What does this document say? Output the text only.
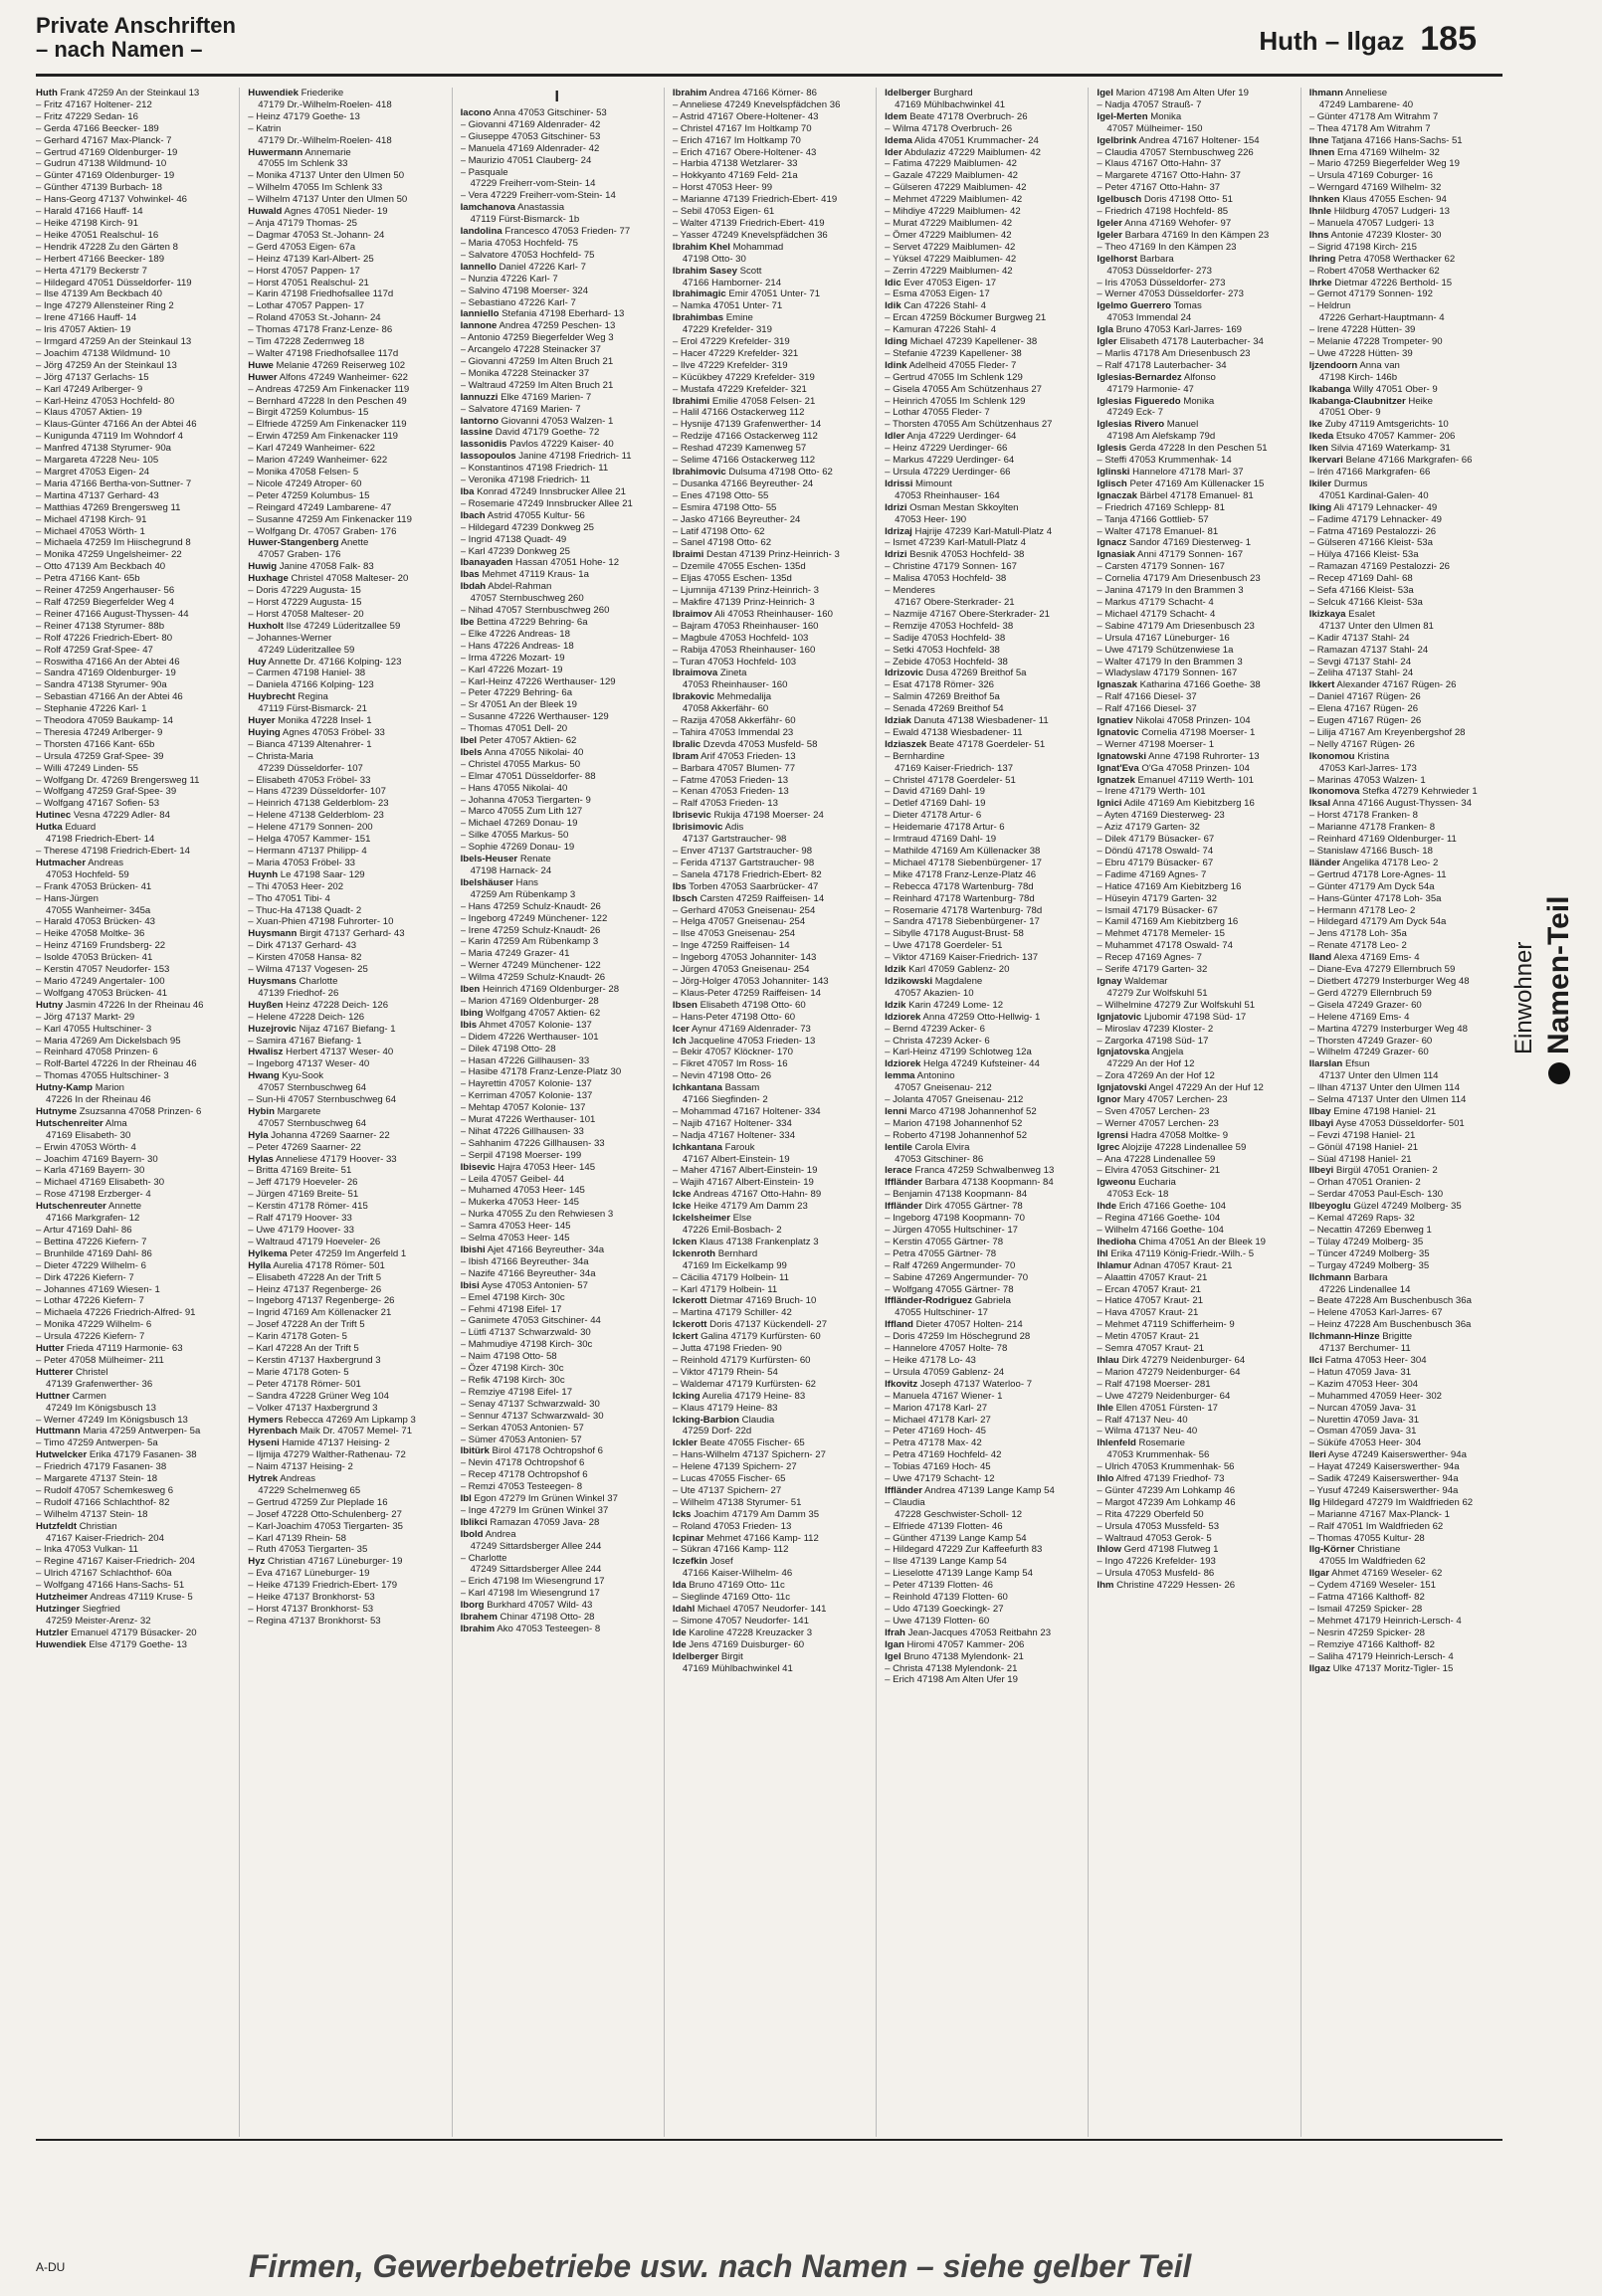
Private Anschriften
– nach Namen –	Huth – Ilgaz 185
Huth Frank 47259 An der Steinkaul 13
– Fritz 47167 Holtener- 212
– Fritz 47229 Sedan- 16
– Gerda 47166 Beecker- 189
– Gerhard 47167 Max-Planck- 7
– Gertrud 47169 Oldenburger- 19
– Gudrun 47138 Wildmund- 10
– Günter 47169 Oldenburger- 19
– Günther 47139 Burbach- 18
– Hans-Georg 47137 Vohwinkel- 46
– Harald 47166 Hauff- 14
– Heike 47198 Kirch- 91
– Heike 47051 Realschul- 16
– Hendrik 47228 Zu den Gärten 8
– Herbert 47166 Beecker- 189
– Herta 47179 Beckerstr 7
– Hildegard 47051 Düsseldorfer- 119
– Ilse 47139 Am Beckbach 40
– Inge 47279 Allensteiner Ring 2
– Irene 47166 Hauff- 14
– Iris 47057 Aktien- 19
– Irmgard 47259 An der Steinkaul 13
– Joachim 47138 Wildmund- 10
– Jörg 47259 An der Steinkaul 13
– Jörg 47137 Gerlachs- 15
– Karl 47249 Arlberger- 9
– Karl-Heinz 47053 Hochfeld- 80
– Klaus 47057 Aktien- 19
– Klaus-Günter 47166 An der Abtei 46
– Kunigunda 47119 Im Wohndorf 4
– Manfred 47138 Styrumer- 90a
– Margareta 47228 Neu- 105
– Margret 47053 Eigen- 24
– Maria 47166 Bertha-von-Suttner- 7
– Martina 47137 Gerhard- 43
– Matthias 47269 Brengersweg 11
– Michael 47198 Kirch- 91
– Michael 47053 Wörth- 1
– Michaela 47259 Im Hiischegrund 8
– Monika 47259 Ungelsheimer- 22
– Otto 47139 Am Beckbach 40
– Petra 47166 Kant- 65b
– Reiner 47259 Angerhauser- 56
– Ralf 47259 Biegerfelder Weg 4
– Reiner 47166 August-Thyssen- 44
– Reiner 47138 Styrumer- 88b
– Rolf 47226 Friedrich-Ebert- 80
– Rolf 47259 Graf-Spee- 47
– Roswitha 47166 An der Abtei 46
– Sandra 47169 Oldenburger- 19
– Sandra 47138 Styrumer- 90a
– Sebastian 47166 An der Abtei 46
– Stephanie 47226 Karl- 1
– Theodora 47059 Baukamp- 14
– Theresia 47249 Arlberger- 9
– Thorsten 47166 Kant- 65b
– Ursula 47259 Graf-Spee- 39
– Willi 47249 Linden- 55
– Wolfgang Dr. 47269 Brengersweg 11
– Wolfgang 47259 Graf-Spee- 39
– Wolfgang 47167 Sofien- 53
Hutinec Vesna 47229 Adler- 84
Hutka Eduard
47198 Friedrich-Ebert- 14
– Therese 47198 Friedrich-Ebert- 14
Hutmacher Andreas
47053 Hochfeld- 59
– Frank 47053 Brücken- 41
– Hans-Jürgen
47055 Wanheimer- 345a
– Harald 47053 Brücken- 43
– Heike 47058 Moltke- 36
– Heinz 47169 Frundsberg- 22
– Isolde 47053 Brücken- 41
– Kerstin 47057 Neudorfer- 153
– Mario 47249 Angertaler- 100
– Wolfgang 47053 Brücken- 41
Hutny Jasmin 47226 In der Rheinau 46
– Jörg 47137 Markt- 29
– Karl 47055 Hultschiner- 3
– Maria 47269 Am Dickelsbach 95
– Reinhard 47058 Prinzen- 6
– Rolf-Bartel 47226 In der Rheinau 46
– Thomas 47055 Hultschiner- 3
Hutny-Kamp Marion
47226 In der Rheinau 46
Hutnyme Zsuzsanna 47058 Prinzen- 6
Hutschenreiter Alma
47169 Elisabeth- 30
– Erwin 47053 Wörth- 4
– Joachim 47169 Bayern- 30
– Karla 47169 Bayern- 30
– Michael 47169 Elisabeth- 30
– Rose 47198 Erzberger- 4
Hutschenreuter Annette
47166 Markgrafen- 12
– Artur 47169 Dahl- 86
– Bettina 47226 Kiefern- 7
– Brunhilde 47169 Dahl- 86
– Dieter 47229 Wilhelm- 6
– Dirk 47226 Kiefern- 7
– Johannes 47169 Wiesen- 1
– Lothar 47226 Kiefern- 7
– Michaela 47226 Friedrich-Alfred- 91
– Monika 47229 Wilhelm- 6
– Ursula 47226 Kiefern- 7
Hutter Frieda 47119 Harmonie- 63
– Peter 47058 Mülheimer- 211
Hutterer Christel
47139 Grafenwerther- 36
Huttner Carmen
47249 Im Königsbusch 13
– Werner 47249 Im Königsbusch 13
Huttmann Maria 47259 Antwerpen- 5a
– Timo 47259 Antwerpen- 5a
Hutwelcker Erika 47179 Fasanen- 38
– Friedrich 47179 Fasanen- 38
– Margarete 47137 Stein- 18
– Rudolf 47057 Schemkesweg 6
– Rudolf 47166 Schlachthof- 82
– Wilhelm 47137 Stein- 18
Hutzfeldt Christian
47167 Kaiser-Friedrich- 204
– Inka 47053 Vulkan- 11
– Regine 47167 Kaiser-Friedrich- 204
– Ulrich 47167 Schlachthof- 60a
– Wolfgang 47166 Hans-Sachs- 51
Hutzheimer Andreas 47119 Kruse- 5
Hutzinger Siegfried
47259 Meister-Arenz- 32
Hutzler Emanuel 47179 Büsacker- 20
Huwendiek Else 47179 Goethe- 13
Huwendiek Friederike
47179 Dr.-Wilhelm-Roelen- 418
– Heinz 47179 Goethe- 13
– Katrin
47179 Dr.-Wilhelm-Roelen- 418
Huwermann Annemarie
47055 Im Schlenk 33
– Monika 47137 Unter den Ulmen 50
– Wilhelm 47055 Im Schlenk 33
– Wilhelm 47137 Unter den Ulmen 50
Huwald Agnes 47051 Nieder- 19
– Anja 47179 Thomas- 25
– Dagmar 47053 St.-Johann- 24
– Gerd 47053 Eigen- 67a
– Heinz 47139 Karl-Albert- 25
– Horst 47057 Pappen- 17
– Horst 47051 Realschul- 21
– Karin 47198 Friedhofsallee 117d
– Lothar 47057 Pappen- 17
– Roland 47053 St.-Johann- 24
– Thomas 47178 Franz-Lenze- 86
– Tim 47228 Zedernweg 18
– Walter 47198 Friedhofsallee 117d
Huwe Melanie 47269 Reiserweg 102
Huwer Alfons 47249 Wanheimer- 622
– Andreas 47259 Am Finkenacker 119
– Bernhard 47228 In den Peschen 49
– Birgit 47259 Kolumbus- 15
– Elfriede 47259 Am Finkenacker 119
– Erwin 47259 Am Finkenacker 119
– Karl 47249 Wanheimer- 622
– Marion 47249 Wanheimer- 622
– Monika 47058 Felsen- 5
– Nicole 47249 Atroper- 60
– Peter 47259 Kolumbus- 15
– Reingard 47249 Lambarene- 47
– Susanne 47259 Am Finkenacker 119
– Wolfgang Dr. 47057 Graben- 176
Huwer-Stangenberg Anette
47057 Graben- 176
Huwig Janine 47058 Falk- 83
Huxhage Christel 47058 Malteser- 20
– Doris 47229 Augusta- 15
– Horst 47229 Augusta- 15
– Horst 47058 Malteser- 20
Huxholt Ilse 47249 Lüderitzallee 59
– Johannes-Werner
47249 Lüderitzallee 59
Huy Annette Dr. 47166 Kolping- 123
– Carmen 47198 Haniel- 38
– Daniela 47166 Kolping- 123
Huybrecht Regina
47119 Fürst-Bismarck- 21
Huyer Monika 47228 Insel- 1
Huying Agnes 47053 Fröbel- 33
– Bianca 47139 Altenahrer- 1
– Christa-Maria
47239 Düsseldorfer- 107
– Elisabeth 47053 Fröbel- 33
– Hans 47239 Düsseldorfer- 107
– Heinrich 47138 Gelderblom- 23
– Helene 47138 Gelderblom- 23
– Helene 47179 Sonnen- 200
– Helga 47057 Kammer- 151
– Hermann 47137 Philipp- 4
– Maria 47053 Fröbel- 33
Huynh Le 47198 Saar- 129
– Thi 47053 Heer- 202
– Tho 47051 Tibi- 4
– Thuc-Ha 47138 Quadt- 2
– Xuan-Phien 47198 Fuhrorter- 10
Huysmann Birgit 47137 Gerhard- 43
– Dirk 47137 Gerhard- 43
– Kirsten 47058 Hansa- 82
– Wilma 47137 Vogesen- 25
Huysmans Charlotte
47139 Friedhof- 26
Huyßen Heinz 47228 Deich- 126
– Helene 47228 Deich- 126
Huzejrovic Nijaz 47167 Biefang- 1
– Samira 47167 Biefang- 1
Hwalisz Herbert 47137 Weser- 40
– Ingeborg 47137 Weser- 40
Hwang Kyu-Sook
47057 Sternbuschweg 64
– Sun-Hi 47057 Sternbuschweg 64
Hybin Margarete
47057 Sternbuschweg 64
Hyla Johanna 47269 Saarner- 22
– Peter 47269 Saarner- 22
Hylas Anneliese 47179 Hoover- 33
– Britta 47169 Breite- 51
– Jeff 47179 Hoeveler- 26
– Jürgen 47169 Breite- 51
– Kerstin 47178 Römer- 415
– Ralf 47179 Hoover- 33
– Uwe 47179 Hoover- 33
– Waltraud 47179 Hoeveler- 26
Hylkema Peter 47259 Im Angerfeld 1
Hylla Aurelia 47178 Römer- 501
– Elisabeth 47228 An der Trift 5
– Heinz 47137 Regenberge- 26
– Ingeborg 47137 Regenberge- 26
– Ingrid 47169 Am Köllenacker 21
– Josef 47228 An der Trift 5
– Karin 47178 Goten- 5
– Karl 47228 An der Trift 5
– Kerstin 47137 Haxbergrund 3
– Marie 47178 Goten- 5
– Peter 47178 Römer- 501
– Sandra 47228 Grüner Weg 104
– Volker 47137 Haxbergrund 3
Hymers Rebecca 47269 Am Lipkamp 3
Hyrenbach Maik Dr. 47057 Memel- 71
Hyseni Hamide 47137 Heising- 2
– Iljmija 47279 Walther-Rathenau- 72
– Naim 47137 Heising- 2
Hytrek Andreas
47229 Schelmenweg 65
– Gertrud 47259 Zur Pleplade 16
– Josef 47228 Otto-Schulenberg- 27
– Karl-Joachim 47053 Tiergarten- 35
– Karl 47139 Rhein- 58
– Ruth 47053 Tiergarten- 35
Hyz Christian 47167 Lüneburger- 19
– Eva 47167 Lüneburger- 19
– Heike 47139 Friedrich-Ebert- 179
– Heike 47137 Bronkhorst- 53
– Horst 47137 Bronkhorst- 53
– Regina 47137 Bronkhorst- 53
I
Iacono Anna 47053 Gitschiner- 53
– Giovanni 47169 Aldenrader- 42
– Giuseppe 47053 Gitschiner- 53
– Manuela 47169 Aldenrader- 42
– Maurizio 47051 Clauberg- 24
– Pasquale
47229 Freiherr-vom-Stein- 14
– Vera 47229 Freiherr-vom-Stein- 14
Iamchanova Anastassia
47119 Fürst-Bismarck- 1b
Iandolina Francesco 47053 Frieden- 77
– Maria 47053 Hochfeld- 75
– Salvatore 47053 Hochfeld- 75
Iannello Daniel 47226 Karl- 7
– Nunzia 47226 Karl- 7
– Salvino 47198 Moerser- 324
– Sebastiano 47226 Karl- 7
Ianniello Stefania 47198 Eberhard- 13
Iannone Andrea 47259 Peschen- 13
– Antonio 47259 Biegerfelder Weg 3
– Arcangelo 47228 Steinacker 37
– Giovanni 47259 Im Alten Bruch 21
– Monika 47228 Steinacker 37
– Waltraud 47259 Im Alten Bruch 21
Iannuzzi Elke 47169 Marien- 7
– Salvatore 47169 Marien- 7
Iantorno Giovanni 47053 Walzen- 1
Iassine David 47179 Goethe- 72
Iassonidis Pavlos 47229 Kaiser- 40
Iassopoulos Janine 47198 Friedrich- 11
– Konstantinos 47198 Friedrich- 11
– Veronika 47198 Friedrich- 11
Iba Konrad 47249 Innsbrucker Allee 21
– Rosemarie 47249 Innsbrucker Allee 21
Ibach Astrid 47055 Kultur- 56
– Hildegard 47239 Donkweg 25
– Ingrid 47138 Quadt- 49
– Karl 47239 Donkweg 25
Ibanayaden Hassan 47051 Hohe- 12
Ibas Mehmet 47119 Kraus- 1a
Ibdah Abdel-Rahman
47057 Sternbuschweg 260
– Nihad 47057 Sternbuschweg 260
Ibe Bettina 47229 Behring- 6a
– Elke 47226 Andreas- 18
– Hans 47226 Andreas- 18
– Irma 47226 Mozart- 19
– Karl 47226 Mozart- 19
– Karl-Heinz 47226 Werthauser- 129
– Peter 47229 Behring- 6a
– Sr 47051 An der Bleek 19
– Susanne 47226 Werthauser- 129
– Thomas 47051 Dell- 20
Ibel Peter 47057 Aktien- 62
Ibels Anna 47055 Nikolai- 40
– Christel 47055 Markus- 50
– Elmar 47051 Düsseldorfer- 88
– Hans 47055 Nikolai- 40
– Johanna 47053 Tiergarten- 9
– Marco 47055 Zum Lith 127
– Michael 47269 Donau- 19
– Silke 47055 Markus- 50
– Sophie 47269 Donau- 19
Ibels-Heuser Renate
47198 Harnack- 24
Ibelshäuser Hans
47259 Am Rübenkamp 3
– Hans 47259 Schulz-Knaudt- 26
– Ingeborg 47249 Münchener- 122
– Irene 47259 Schulz-Knaudt- 26
– Karin 47259 Am Rübenkamp 3
– Maria 47249 Grazer- 41
– Werner 47249 Münchener- 122
– Wilma 47259 Schulz-Knaudt- 26
Iben Heinrich 47169 Oldenburger- 28
– Marion 47169 Oldenburger- 28
Ibing Wolfgang 47057 Aktien- 62
Ibis Ahmet 47057 Kolonie- 137
– Didem 47226 Werthauser- 101
– Dilek 47198 Otto- 28
– Hasan 47226 Gillhausen- 33
– Hasibe 47178 Franz-Lenze-Platz 30
– Hayrettin 47057 Kolonie- 137
– Kerriman 47057 Kolonie- 137
– Mehtap 47057 Kolonie- 137
– Murat 47226 Werthauser- 101
– Nihat 47226 Gillhausen- 33
– Sahhanim 47226 Gillhausen- 33
– Serpil 47198 Moerser- 199
Ibisevic Hajra 47053 Heer- 145
– Leila 47057 Geibel- 44
– Muhamed 47053 Heer- 145
– Mukerka 47053 Heer- 145
– Nurka 47055 Zu den Rehwiesen 3
– Samra 47053 Heer- 145
– Selma 47053 Heer- 145
Ibishi Ajet 47166 Beyreuther- 34a
– Ibish 47166 Beyreuther- 34a
– Nazife 47166 Beyreuther- 34a
Ibisi Ayse 47053 Antonien- 57
– Emel 47198 Kirch- 30c
– Fehmi 47198 Eifel- 17
– Ganimete 47053 Gitschiner- 44
– Lütfi 47137 Schwarzwald- 30
– Mahmudiye 47198 Kirch- 30c
– Naim 47198 Otto- 58
– Özer 47198 Kirch- 30c
– Refik 47198 Kirch- 30c
– Remziye 47198 Eifel- 17
– Senay 47137 Schwarzwald- 30
– Sennur 47137 Schwarzwald- 30
– Serkan 47053 Antonien- 57
– Sümer 47053 Antonien- 57
Ibitürk Birol 47178 Ochtropshof 6
– Nevin 47178 Ochtropshof 6
– Recep 47178 Ochtropshof 6
– Remzi 47053 Testeegen- 8
Ibl Egon 47279 Im Grünen Winkel 37
– Inge 47279 Im Grünen Winkel 37
Iblikci Ramazan 47059 Java- 28
Ibold Andrea
47249 Sittardsberger Allee 244
– Charlotte
47249 Sittardsberger Allee 244
– Erich 47198 Im Wiesengrund 17
– Karl 47198 Im Wiesengrund 17
Iborg Burkhard 47057 Wild- 43
Ibrahem Chinar 47198 Otto- 28
Ibrahim Ako 47053 Testeegen- 8
Ibrahim Andrea 47166 Körner- 86
– Anneliese 47249 Knevelspfädchen 36
– Astrid 47167 Obere-Holtener- 43
– Christel 47167 Im Holtkamp 70
– Erich 47167 Im Holtkamp 70
– Erich 47167 Obere-Holtener- 43
– Harbia 47138 Wetzlarer- 33
– Hokkyanto 47169 Feld- 21a
– Horst 47053 Heer- 99
– Marianne 47139 Friedrich-Ebert- 419
– Sebil 47053 Eigen- 61
– Walter 47139 Friedrich-Ebert- 419
– Yasser 47249 Knevelspfädchen 36
Ibrahim Khel Mohammad
47198 Otto- 30
Ibrahim Sasey Scott
47166 Hamborner- 214
Ibrahimagic Emir 47051 Unter- 71
– Namka 47051 Unter- 71
Ibrahimbas Emine
47229 Krefelder- 319
– Erol 47229 Krefelder- 319
– Hacer 47229 Krefelder- 321
– Ilve 47229 Krefelder- 319
– Kücükbey 47229 Krefelder- 319
– Mustafa 47229 Krefelder- 321
Ibrahimi Emilie 47058 Felsen- 21
– Halil 47166 Ostackerweg 112
– Hysnije 47139 Grafenwerther- 14
– Redzije 47166 Ostackerweg 112
– Reshad 47239 Kamenweg 57
– Selime 47166 Ostackerweg 112
Ibrahimovic Dulsuma 47198 Otto- 62
– Dusanka 47166 Beyreuther- 24
– Enes 47198 Otto- 55
– Esmira 47198 Otto- 55
– Jasko 47166 Beyreuther- 24
– Latif 47198 Otto- 62
– Sanel 47198 Otto- 62
Ibraimi Destan 47139 Prinz-Heinrich- 3
– Dzemile 47055 Eschen- 135d
– Eljas 47055 Eschen- 135d
– Ljumnija 47139 Prinz-Heinrich- 3
– Makfire 47139 Prinz-Heinrich- 3
Ibraimov Ali 47053 Rheinhauser- 160
– Bajram 47053 Rheinhauser- 160
– Magbule 47053 Hochfeld- 103
– Rabija 47053 Rheinhauser- 160
– Turan 47053 Hochfeld- 103
Ibraimova Zineta
47053 Rheinhauser- 160
Ibrakovic Mehmedalija
47058 Akkerfähr- 60
– Razija 47058 Akkerfähr- 60
– Tahira 47053 Immendal 23
Ibralic Dzevda 47053 Musfeld- 58
Ibram Arif 47053 Frieden- 13
– Barbara 47057 Blumen- 77
– Fatme 47053 Frieden- 13
– Kenan 47053 Frieden- 13
– Ralf 47053 Frieden- 13
Ibrisevic Rukija 47198 Moerser- 24
Ibrisimovic Adis
47137 Gartstraucher- 98
– Enver 47137 Gartstraucher- 98
– Ferida 47137 Gartstraucher- 98
– Sanela 47178 Friedrich-Ebert- 82
Ibs Torben 47053 Saarbrücker- 47
Ibsch Carsten 47259 Raiffeisen- 14
– Gerhard 47053 Gneisenau- 254
– Helga 47057 Gneisenau- 254
– Ilse 47053 Gneisenau- 254
– Inge 47259 Raiffeisen- 14
– Ingeborg 47053 Johanniter- 143
– Jürgen 47053 Gneisenau- 254
– Jörg-Holger 47053 Johanniter- 143
– Klaus-Peter 47259 Raiffeisen- 14
Ibsen Elisabeth 47198 Otto- 60
– Hans-Peter 47198 Otto- 60
Icer Aynur 47169 Aldenrader- 73
Ich Jacqueline 47053 Frieden- 13
– Bekir 47057 Klöckner- 170
– Fikret 47057 Im Ross- 16
– Nevin 47198 Otto- 26
Ichkantana Bassam
47166 Siegfinden- 2
– Mohammad 47167 Holtener- 334
– Najib 47167 Holtener- 334
– Nadja 47167 Holtener- 334
Ichkantana Farouk
47167 Albert-Einstein- 19
– Maher 47167 Albert-Einstein- 19
– Wajih 47167 Albert-Einstein- 19
Icke Andreas 47167 Otto-Hahn- 89
Icke Heike 47179 Am Damm 23
Ickelsheimer Else
47226 Emil-Bosbach- 2
Icken Klaus 47138 Frankenplatz 3
Ickenroth Bernhard
47169 Im Eickelkamp 99
– Cäcilia 47179 Holbein- 11
– Karl 47179 Holbein- 11
Ickerott Dietmar 47169 Bruch- 10
– Martina 47179 Schiller- 42
Ickerott Doris 47137 Kückendell- 27
Ickert Galina 47179 Kurfürsten- 60
– Jutta 47198 Frieden- 90
– Reinhold 47179 Kurfürsten- 60
– Viktor 47179 Rhein- 54
– Waldemar 47179 Kurfürsten- 62
Icking Aurelia 47179 Heine- 83
– Klaus 47179 Heine- 83
Icking-Barbion Claudia
47259 Dorf- 22d
Ickler Beate 47055 Fischer- 65
– Hans-Wilhelm 47137 Spichern- 27
– Helene 47139 Spichern- 27
– Lucas 47055 Fischer- 65
– Ute 47137 Spichern- 27
– Wilhelm 47138 Styrumer- 51
Icks Joachim 47179 Am Damm 35
– Roland 47053 Frieden- 13
Icpinar Mehmet 47166 Kamp- 112
– Sükran 47166 Kamp- 112
Iczefkin Josef
47166 Kaiser-Wilhelm- 46
Ida Bruno 47169 Otto- 11c
– Sieglinde 47169 Otto- 11c
Idahl Michael 47057 Neudorfer- 141
– Simone 47057 Neudorfer- 141
Ide Karoline 47228 Kreuzacker 3
Ide Jens 47169 Duisburger- 60
Idelberger Birgit
47169 Mühlbachwinkel 41
Idelberger Burghard
47169 Mühlbachwinkel 41
Idem Beate 47178 Overbruch- 26
– Wilma 47178 Overbruch- 26
Idema Alida 47051 Krummacher- 24
Ider Abdulaziz 47229 Maiblumen- 42
– Fatima 47229 Maiblumen- 42
– Gazale 47229 Maiblumen- 42
– Gülseren 47229 Maiblumen- 42
– Mehmet 47229 Maiblumen- 42
– Mihdiye 47229 Maiblumen- 42
– Murat 47229 Maiblumen- 42
– Ömer 47229 Maiblumen- 42
– Servet 47229 Maiblumen- 42
– Yüksel 47229 Maiblumen- 42
– Zerrin 47229 Maiblumen- 42
Idic Ever 47053 Eigen- 17
– Esma 47053 Eigen- 17
Idik Can 47226 Stahl- 4
– Ercan 47259 Böckumer Burgweg 21
– Kamuran 47226 Stahl- 4
Iding Michael 47239 Kapellener- 38
– Stefanie 47239 Kapellener- 38
Idink Adelheid 47055 Fleder- 7
– Gertrud 47055 Im Schlenk 129
– Gisela 47055 Am Schützenhaus 27
– Heinrich 47055 Im Schlenk 129
– Lothar 47055 Fleder- 7
– Thorsten 47055 Am Schützenhaus 27
Idler Anja 47229 Uerdinger- 64
– Heinz 47229 Uerdinger- 66
– Markus 47229 Uerdinger- 64
– Ursula 47229 Uerdinger- 66
Idrissi Mimount
47053 Rheinhauser- 164
Idrizi Osman Mestan Skkoylten
47053 Heer- 190
Idrizaj Hajrije 47239 Karl-Matull-Platz 4
– Ismet 47239 Karl-Matull-Platz 4
Idrizi Besnik 47053 Hochfeld- 38
– Christine 47179 Sonnen- 167
– Malisa 47053 Hochfeld- 38
– Menderes
47167 Obere-Sterkrader- 21
– Nazmije 47167 Obere-Sterkrader- 21
– Remzije 47053 Hochfeld- 38
– Sadije 47053 Hochfeld- 38
– Setki 47053 Hochfeld- 38
– Zebide 47053 Hochfeld- 38
Idrizovic Dusa 47269 Breithof 5a
– Esat 47178 Römer- 326
– Salmin 47269 Breithof 5a
– Senada 47269 Breithof 54
Idziak Danuta 47138 Wiesbadener- 11
– Ewald 47138 Wiesbadener- 11
Idziaszek Beate 47178 Goerdeler- 51
– Bernhardine
47169 Kaiser-Friedrich- 137
– Christel 47178 Goerdeler- 51
– David 47169 Dahl- 19
– Detlef 47169 Dahl- 19
– Dieter 47178 Artur- 6
– Heidemarie 47178 Artur- 6
– Irmtraud 47169 Dahl- 19
– Mathilde 47169 Am Küllenacker 38
– Michael 47178 Siebenbürgener- 17
– Mike 47178 Franz-Lenze-Platz 46
– Rebecca 47178 Wartenburg- 78d
– Reinhard 47178 Wartenburg- 78d
– Rosemarie 47178 Wartenburg- 78d
– Sandra 47178 Siebenbürgener- 17
– Sibylle 47178 August-Brust- 58
– Uwe 47178 Goerdeler- 51
– Viktor 47169 Kaiser-Friedrich- 137
Idzik Karl 47059 Gablenz- 20
Idzikowski Magdalene
47057 Akazien- 10
Idzik Karin 47249 Lome- 12
Idziorek Anna 47259 Otto-Hellwig- 1
– Bernd 47239 Acker- 6
– Christa 47239 Acker- 6
– Karl-Heinz 47199 Schlotweg 12a
Idziorek Helga 47249 Kufsteiner- 44
Iemma Antonino
47057 Gneisenau- 212
– Jolanta 47057 Gneisenau- 212
Ienni Marco 47198 Johannenhof 52
– Marion 47198 Johannenhof 52
– Roberto 47198 Johannenhof 52
Ientile Carola Elvira
47053 Gitschiner- 86
Ierace Franca 47259 Schwalbenweg 13
Iffländer Barbara 47138 Koopmann- 84
– Benjamin 47138 Koopmann- 84
Iffländer Dirk 47055 Gärtner- 78
– Ingeborg 47198 Koopmann- 70
– Jürgen 47055 Hultschiner- 17
– Kerstin 47055 Gärtner- 78
– Petra 47055 Gärtner- 78
– Ralf 47269 Angermunder- 70
– Sabine 47269 Angermunder- 70
– Wolfgang 47055 Gärtner- 78
Iffländer-Rodriguez Gabriela
47055 Hultschiner- 17
Iffland Dieter 47057 Holten- 214
– Doris 47259 Im Höschegrund 28
– Hannelore 47057 Holte- 78
– Heike 47178 Lo- 43
– Ursula 47059 Gablenz- 24
Ifkovitz Joseph 47137 Waterloo- 7
– Manuela 47167 Wiener- 1
– Marion 47178 Karl- 27
– Michael 47178 Karl- 27
– Peter 47169 Hoch- 45
– Petra 47178 Max- 42
– Petra 47169 Hochfeld- 42
– Tobias 47169 Hoch- 45
– Uwe 47179 Schacht- 12
Iffländer Andrea 47139 Lange Kamp 54
– Claudia
47228 Geschwister-Scholl- 12
– Elfriede 47139 Flotten- 46
– Günther 47139 Lange Kamp 54
– Hildegard 47229 Zur Kaffeefurth 83
– Ilse 47139 Lange Kamp 54
– Lieselotte 47139 Lange Kamp 54
– Peter 47139 Flotten- 46
– Reinhold 47139 Flotten- 60
– Udo 47139 Goeckingk- 27
– Uwe 47139 Flotten- 60
Ifrah Jean-Jacques 47053 Reitbahn 23
Igan Hiromi 47057 Kammer- 206
Igel Bruno 47138 Mylendonk- 21
– Christa 47138 Mylendonk- 21
– Erich 47198 Am Alten Ufer 19
Igel Marion 47198 Am Alten Ufer 19
– Nadja 47057 Strauß- 7
Igel-Merten Monika
47057 Mülheimer- 150
Igelbrink Andrea 47167 Holtener- 154
– Claudia 47057 Sternbuschweg 226
– Klaus 47167 Otto-Hahn- 37
– Margarete 47167 Otto-Hahn- 37
– Peter 47167 Otto-Hahn- 37
Igelbusch Doris 47198 Otto- 51
– Friedrich 47198 Hochfeld- 85
Igeler Anna 47169 Wehofer- 97
Igeler Barbara 47169 In den Kämpen 23
– Theo 47169 In den Kämpen 23
Igelhorst Barbara
47053 Düsseldorfer- 273
– Iris 47053 Düsseldorfer- 273
– Werner 47053 Düsseldorfer- 273
Igelmo Guerrero Tomas
47053 Immendal 24
Igla Bruno 47053 Karl-Jarres- 169
Igler Elisabeth 47178 Lauterbacher- 34
– Marlis 47178 Am Driesenbusch 23
– Ralf 47178 Lauterbacher- 34
Iglesias-Bernardez Alfonso
47179 Harmonie- 47
Iglesias Figueredo Monika
47249 Eck- 7
Iglesias Rivero Manuel
47198 Am Alefskamp 79d
Iglesis Gerda 47228 In den Peschen 51
– Steffi 47053 Krummenhak- 14
Iglinski Hannelore 47178 Marl- 37
Iglisch Peter 47169 Am Küllenacker 15
Ignaczak Bärbel 47178 Emanuel- 81
– Friedrich 47169 Schlepp- 81
– Tanja 47166 Gottlieb- 57
– Walter 47178 Emanuel- 81
Ignacz Sandor 47169 Diesterweg- 1
Ignasiak Anni 47179 Sonnen- 167
– Carsten 47179 Sonnen- 167
– Cornelia 47179 Am Driesenbusch 23
– Janina 47179 In den Brammen 3
– Markus 47179 Schacht- 4
– Michael 47179 Schacht- 4
– Sabine 47179 Am Driesenbusch 23
– Ursula 47167 Lüneburger- 16
– Uwe 47179 Schützenwiese 1a
– Walter 47179 In den Brammen 3
– Wladyslaw 47179 Sonnen- 167
Ignaszak Katharina 47166 Goethe- 38
– Ralf 47166 Diesel- 37
– Ralf 47166 Diesel- 37
Ignatiev Nikolai 47058 Prinzen- 104
Ignatovic Cornelia 47198 Moerser- 1
– Werner 47198 Moerser- 1
Ignatowski Anne 47198 Ruhrorter- 13
Ignat'Eva O'Ga 47058 Prinzen- 104
Ignatzek Emanuel 47119 Werth- 101
– Irene 47179 Werth- 101
Ignici Adile 47169 Am Kiebitzberg 16
– Ayten 47169 Diesterweg- 23
– Aziz 47179 Garten- 32
– Dilek 47179 Büsacker- 67
– Döndü 47178 Oswald- 74
– Ebru 47179 Büsacker- 67
– Fadime 47169 Agnes- 7
– Hatice 47169 Am Kiebitzberg 16
– Hüseyin 47179 Garten- 32
– Ismail 47179 Büsacker- 67
– Kamil 47169 Am Kiebitzberg 16
– Mehmet 47178 Memeler- 15
– Muhammet 47178 Oswald- 74
– Recep 47169 Agnes- 7
– Serife 47179 Garten- 32
Ignay Waldemar
47279 Zur Wolfskuhl 51
– Wilhelmine 47279 Zur Wolfskuhl 51
Ignjatovic Ljubomir 47198 Süd- 17
– Miroslav 47239 Kloster- 2
– Zargorka 47198 Süd- 17
Ignjatovska Angjela
47229 An der Hof 12
– Zora 47269 An der Hof 12
Ignjatovski Angel 47229 An der Huf 12
Ignor Mary 47057 Lerchen- 23
– Sven 47057 Lerchen- 23
– Werner 47057 Lerchen- 23
Igrensi Hadra 47058 Moltke- 9
Igrec Alojzije 47228 Lindenallee 59
– Ana 47228 Lindenallee 59
– Elvira 47053 Gitschiner- 21
Igweonu Eucharia
47053 Eck- 18
Ihde Erich 47166 Goethe- 104
– Regina 47166 Goethe- 104
– Wilhelm 47166 Goethe- 104
Ihedioha Chima 47051 An der Bleek 19
Ihl Erika 47119 König-Friedr.-Wilh.- 5
Ihlamur Adnan 47057 Kraut- 21
– Alaattin 47057 Kraut- 21
– Ercan 47057 Kraut- 21
– Hatice 47057 Kraut- 21
– Hava 47057 Kraut- 21
– Mehmet 47119 Schifferheim- 9
– Metin 47057 Kraut- 21
– Semra 47057 Kraut- 21
Ihlau Dirk 47279 Neidenburger- 64
– Marion 47279 Neidenburger- 64
– Ralf 47198 Moerser- 281
– Uwe 47279 Neidenburger- 64
Ihle Ellen 47051 Fürsten- 17
– Ralf 47137 Neu- 40
– Wilma 47137 Neu- 40
Ihlenfeld Rosemarie
47053 Krummenhak- 56
– Ulrich 47053 Krummenhak- 56
Ihlo Alfred 47139 Friedhof- 73
– Günter 47239 Am Lohkamp 46
– Margot 47239 Am Lohkamp 46
– Rita 47229 Oberfeld 50
– Ursula 47053 Mussfeld- 53
– Waltraud 47053 Gerok- 5
Ihlow Gerd 47198 Flutweg 1
– Ingo 47226 Krefelder- 193
– Ursula 47053 Musfeld- 86
Ihm Christine 47229 Hessen- 26
Ihmann Anneliese
47249 Lambarene- 40
– Günter 47178 Am Witrahm 7
– Thea 47178 Am Witrahm 7
Ihne Tatjana 47166 Hans-Sachs- 51
Ihnen Erna 47169 Wilhelm- 32
– Mario 47259 Biegerfelder Weg 19
– Ursula 47169 Coburger- 16
– Werngard 47169 Wilhelm- 32
Ihnken Klaus 47055 Eschen- 94
Ihnle Hildburg 47057 Ludgeri- 13
– Manuela 47057 Ludgeri- 13
Ihns Antonie 47239 Kloster- 30
– Sigrid 47198 Kirch- 215
Ihring Petra 47058 Werthacker 62
– Robert 47058 Werthacker 62
Ihrke Dietmar 47226 Berthold- 15
– Gernot 47179 Sonnen- 192
– Heldrun
47226 Gerhart-Hauptmann- 4
– Irene 47228 Hütten- 39
– Melanie 47228 Trompeter- 90
– Uwe 47228 Hütten- 39
Ijzendoorn Anna van
47198 Kirch- 146b
Ikabanga Willy 47051 Ober- 9
Ikabanga-Claubnitzer Heike
47051 Ober- 9
Ike Zuby 47119 Amtsgerichts- 10
Ikeda Etsuko 47057 Kammer- 206
Iken Silvia 47169 Waterkamp- 31
Ikervari Belane 47166 Markgrafen- 66
– Irén 47166 Markgrafen- 66
Ikiler Durmus
47051 Kardinal-Galen- 40
Iking Ali 47179 Lehnacker- 49
– Fadime 47179 Lehnacker- 49
– Fatma 47169 Pestalozzi- 26
– Gülseren 47166 Kleist- 53a
– Hülya 47166 Kleist- 53a
– Ramazan 47169 Pestalozzi- 26
– Recep 47169 Dahl- 68
– Sefa 47166 Kleist- 53a
– Selcuk 47166 Kleist- 53a
Ikizkaya Esalet
47137 Unter den Ulmen 81
– Kadir 47137 Stahl- 24
– Ramazan 47137 Stahl- 24
– Sevgi 47137 Stahl- 24
– Zeliha 47137 Stahl- 24
Ikkert Alexander 47167 Rügen- 26
– Daniel 47167 Rügen- 26
– Elena 47167 Rügen- 26
– Eugen 47167 Rügen- 26
– Lilija 47167 Am Kreyenbergshof 28
– Nelly 47167 Rügen- 26
Ikonomou Kristina
47053 Karl-Jarres- 173
– Marinas 47053 Walzen- 1
Ikonomova Stefka 47279 Kehrwieder 1
Iksal Anna 47166 August-Thyssen- 34
– Horst 47178 Franken- 8
– Marianne 47178 Franken- 8
– Reinhard 47169 Oldenburger- 11
– Stanislaw 47166 Busch- 18
Iländer Angelika 47178 Leo- 2
– Gertrud 47178 Lore-Agnes- 11
– Günter 47179 Am Dyck 54a
– Hans-Günter 47178 Loh- 35a
– Hermann 47178 Leo- 2
– Hildegard 47179 Am Dyck 54a
– Jens 47178 Loh- 35a
– Renate 47178 Leo- 2
Iland Alexa 47169 Ems- 4
– Diane-Eva 47279 Ellernbruch 59
– Dietbert 47279 Insterburger Weg 48
– Gerd 47279 Ellernbruch 59
– Gisela 47249 Grazer- 60
– Helene 47169 Ems- 4
– Martina 47279 Insterburger Weg 48
– Thorsten 47249 Grazer- 60
– Wilhelm 47249 Grazer- 60
Ilarslan Efsun
47137 Unter den Ulmen 114
– Ilhan 47137 Unter den Ulmen 114
– Selma 47137 Unter den Ulmen 114
Ilbay Emine 47198 Haniel- 21
Ilbayi Ayse 47053 Düsseldorfer- 501
– Fevzi 47198 Haniel- 21
– Gönül 47198 Haniel- 21
– Süal 47198 Haniel- 21
Ilbeyi Birgül 47051 Oranien- 2
– Orhan 47051 Oranien- 2
– Serdar 47053 Paul-Esch- 130
Ilbeyoglu Güzel 47249 Molberg- 35
– Kemal 47269 Raps- 32
– Necattin 47269 Ebenweg 1
– Tülay 47249 Molberg- 35
– Tüncer 47249 Molberg- 35
– Turgay 47249 Molberg- 35
Ilchmann Barbara
47226 Lindenallee 14
– Beate 47228 Am Buschenbusch 36a
– Helene 47053 Karl-Jarres- 67
– Heinz 47228 Am Buschenbusch 36a
Ilchmann-Hinze Brigitte
47137 Berchumer- 11
Ilci Fatma 47053 Heer- 304
– Hatun 47059 Java- 31
– Kazim 47053 Heer- 304
– Muhammed 47059 Heer- 302
– Nurcan 47059 Java- 31
– Nurettin 47059 Java- 31
– Osman 47059 Java- 31
– Süküfe 47053 Heer- 304
Ileri Ayse 47249 Kaiserswerther- 94a
– Hayat 47249 Kaiserswerther- 94a
– Sadik 47249 Kaiserswerther- 94a
– Yusuf 47249 Kaiserswerther- 94a
Ilg Hildegard 47279 Im Waldfrieden 62
– Marianne 47167 Max-Planck- 1
– Ralf 47051 Im Waldfrieden 62
– Thomas 47055 Kultur- 28
Ilg-Körner Christiane
47055 Im Waldfrieden 62
Ilgar Ahmet 47169 Weseler- 62
– Cydem 47169 Weseler- 151
– Fatma 47166 Kalthoff- 82
– Ismail 47259 Spicker- 28
– Mehmet 47179 Heinrich-Lersch- 4
– Nesrin 47259 Spicker- 28
– Remziye 47166 Kalthoff- 82
– Saliha 47179 Heinrich-Lersch- 4
Ilgaz Ulke 47137 Moritz-Tigler- 15
Einwohner Namen-Teil
A-DU	Firmen, Gewerbebetriebe usw. nach Namen – siehe gelber Teil
